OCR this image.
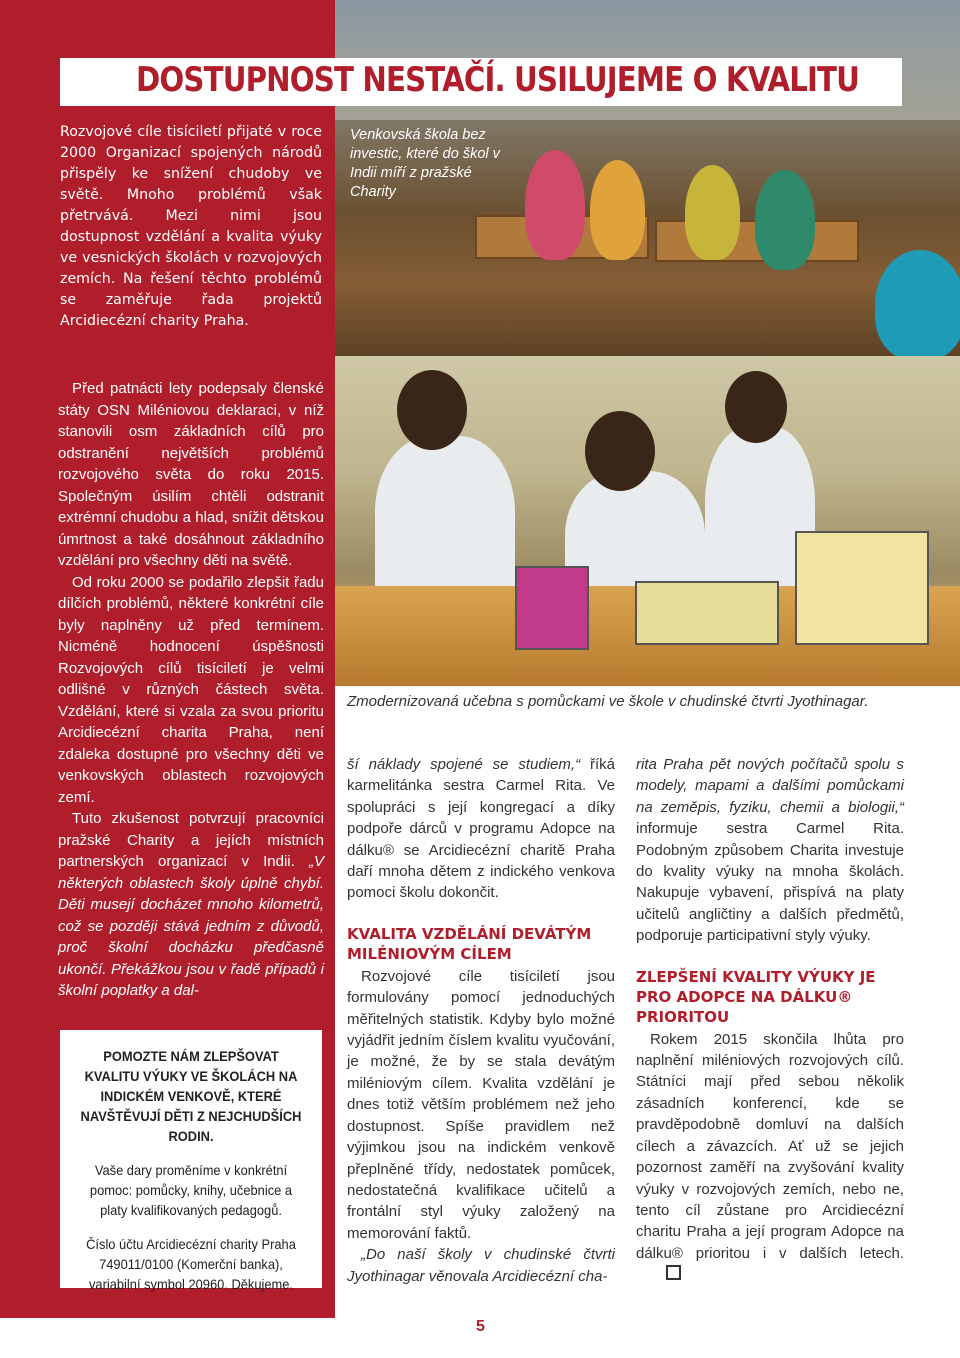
DOSTUPNOST NESTAČÍ. USILUJEME O KVALITU

Rozvojové cíle tisíciletí přijaté v roce 2000 Organizací spojených národů přispěly ke snížení chudoby ve světě. Mnoho problémů však přetrvává. Mezi nimi jsou dostupnost vzdělání a kvalita výuky ve vesnických školách v rozvojových zemích. Na řešení těchto problémů se zaměřuje řada projektů Arcidiecézní charity Praha.

Venkovská škola bez investic, které do škol v Indii míří z pražské Charity

Před patnácti lety podepsaly členské státy OSN Miléniovou deklaraci, v níž stanovili osm základních cílů pro odstranění největších problémů rozvojového světa do roku 2015. Společným úsilím chtěli odstranit extrémní chudobu a hlad, snížit dětskou úmrtnost a také dosáhnout základního vzdělání pro všechny děti na světě.

Od roku 2000 se podařilo zlepšit řadu dílčích problémů, některé konkrétní cíle byly naplněny už před termínem. Nicméně hodnocení úspěšnosti Rozvojových cílů tisíciletí je velmi odlišné v různých částech světa. Vzdělání, které si vzala za svou prioritu Arcidiecézní charita Praha, není zdaleka dostupné pro všechny děti ve venkovských oblastech rozvojových zemí.

Tuto zkušenost potvrzují pracovníci pražské Charity a jejích místních partnerských organizací v Indii. „V některých oblastech školy úplně chybí. Děti musejí docházet mnoho kilometrů, což se později stává jedním z důvodů, proč školní docházku předčasně ukončí. Překážkou jsou v řadě případů i školní poplatky a dal-

POMOZTE NÁM ZLEPŠOVAT KVALITU VÝUKY VE ŠKOLÁCH NA INDICKÉM VENKOVĚ, KTERÉ NAVŠTĚVUJÍ DĚTI Z NEJCHUDŠÍCH RODIN.
Vaše dary proměníme v konkrétní pomoc: pomůcky, knihy, učebnice a platy kvalifikovaných pedagogů.
Číslo účtu Arcidiecézní charity Praha 749011/0100 (Komerční banka), variabilní symbol 20960. Děkujeme.

Zmodernizovaná učebna s pomůckami ve škole v chudinské čtvrti Jyothinagar.

ší náklady spojené se studiem,“ říká karmelitánka sestra Carmel Rita. Ve spolupráci s její kongregací a díky podpoře dárců v programu Adopce na dálku® se Arcidiecézní charitě Praha daří mnoha dětem z indického venkova pomoci školu dokončit.

KVALITA VZDĚLÁNÍ DEVÁTÝM MILÉNIOVÝM CÍLEM

Rozvojové cíle tisíciletí jsou formulovány pomocí jednoduchých měřitelných statistik. Kdyby bylo možné vyjádřit jedním číslem kvalitu vyučování, je možné, že by se stala devátým miléniovým cílem. Kvalita vzdělání je dnes totiž větším problémem než jeho dostupnost. Spíše pravidlem než výjimkou jsou na indickém venkově přeplněné třídy, nedostatek pomůcek, nedostatečná kvalifikace učitelů a frontální styl výuky založený na memorování faktů.

„Do naší školy v chudinské čtvrti Jyothinagar věnovala Arcidiecézní cha-

rita Praha pět nových počítačů spolu s modely, mapami a dalšími pomůckami na zeměpis, fyziku, chemii a biologii,“ informuje sestra Carmel Rita. Podobným způsobem Charita investuje do kvality výuky na mnoha školách. Nakupuje vybavení, přispívá na platy učitelů angličtiny a dalších předmětů, podporuje participativní styly výuky.

ZLEPŠENÍ KVALITY VÝUKY JE PRO ADOPCE NA DÁLKU® PRIORITOU

Rokem 2015 skončila lhůta pro naplnění miléniových rozvojových cílů. Státníci mají před sebou několik zásadních konferencí, kde se pravděpodobně domluví na dalších cílech a závazcích. Ať už se jejich pozornost zaměří na zvyšování kvality výuky v rozvojových zemích, nebo ne, tento cíl zůstane pro Arcidiecézní charitu Praha a její program Adopce na dálku® prioritou i v dalších letech.

5
